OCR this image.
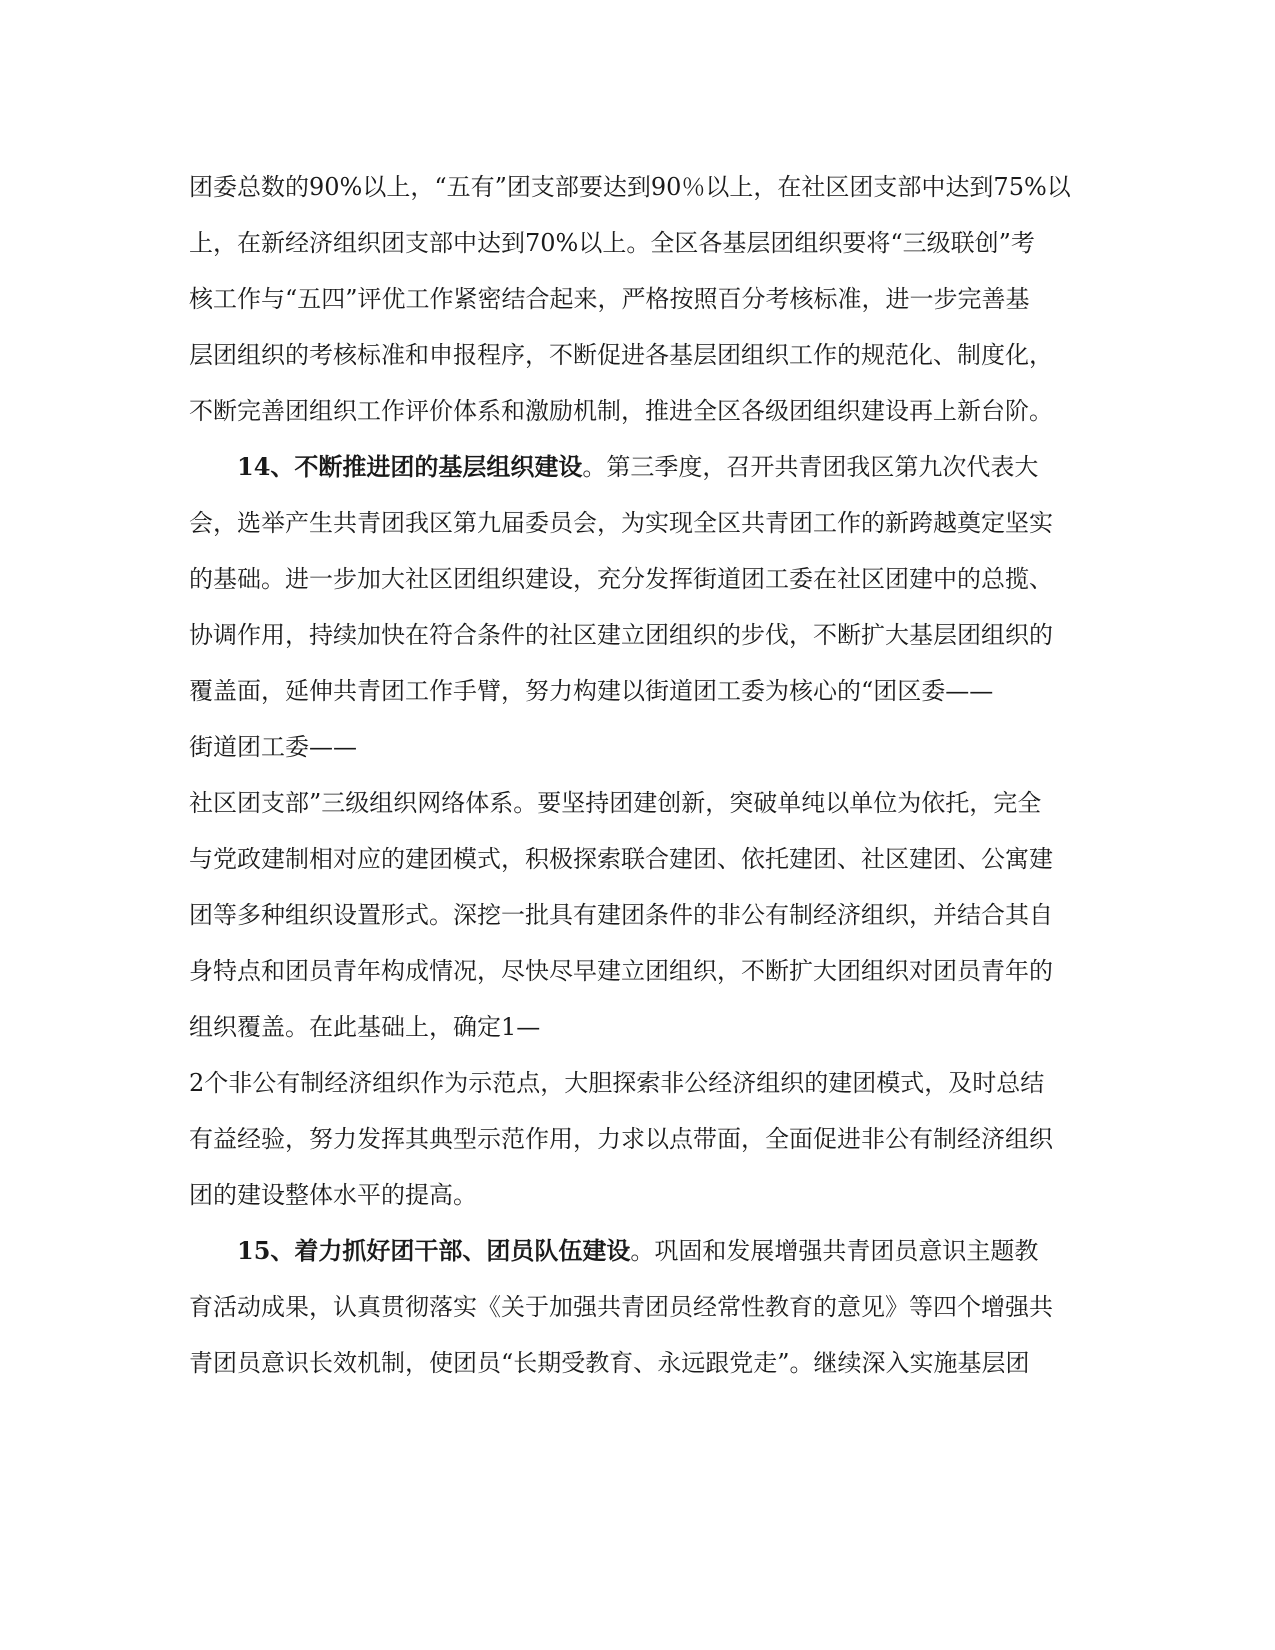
团委总数的90%以上，“五有”团支部要达到90％以上，在社区团支部中达到75%以
上，在新经济组织团支部中达到70%以上。全区各基层团组织要将“三级联创”考
核工作与“五四”评优工作紧密结合起来，严格按照百分考核标准，进一步完善基
层团组织的考核标准和申报程序，不断促进各基层团组织工作的规范化、制度化，
不断完善团组织工作评价体系和激励机制，推进全区各级团组织建设再上新台阶。
14、不断推进团的基层组织建设。第三季度，召开共青团我区第九次代表大
会，选举产生共青团我区第九届委员会，为实现全区共青团工作的新跨越奠定坚实
的基础。进一步加大社区团组织建设，充分发挥街道团工委在社区团建中的总揽、
协调作用，持续加快在符合条件的社区建立团组织的步伐，不断扩大基层团组织的
覆盖面，延伸共青团工作手臂，努力构建以街道团工委为核心的“团区委——
街道团工委——
社区团支部”三级组织网络体系。要坚持团建创新，突破单纯以单位为依托，完全
与党政建制相对应的建团模式，积极探索联合建团、依托建团、社区建团、公寓建
团等多种组织设置形式。深挖一批具有建团条件的非公有制经济组织，并结合其自
身特点和团员青年构成情况，尽快尽早建立团组织，不断扩大团组织对团员青年的
组织覆盖。在此基础上，确定1—
2个非公有制经济组织作为示范点，大胆探索非公经济组织的建团模式，及时总结
有益经验，努力发挥其典型示范作用，力求以点带面，全面促进非公有制经济组织
团的建设整体水平的提高。
15、着力抓好团干部、团员队伍建设。巩固和发展增强共青团员意识主题教
育活动成果，认真贯彻落实《关于加强共青团员经常性教育的意见》等四个增强共
青团员意识长效机制，使团员“长期受教育、永远跟党走”。继续深入实施基层团
